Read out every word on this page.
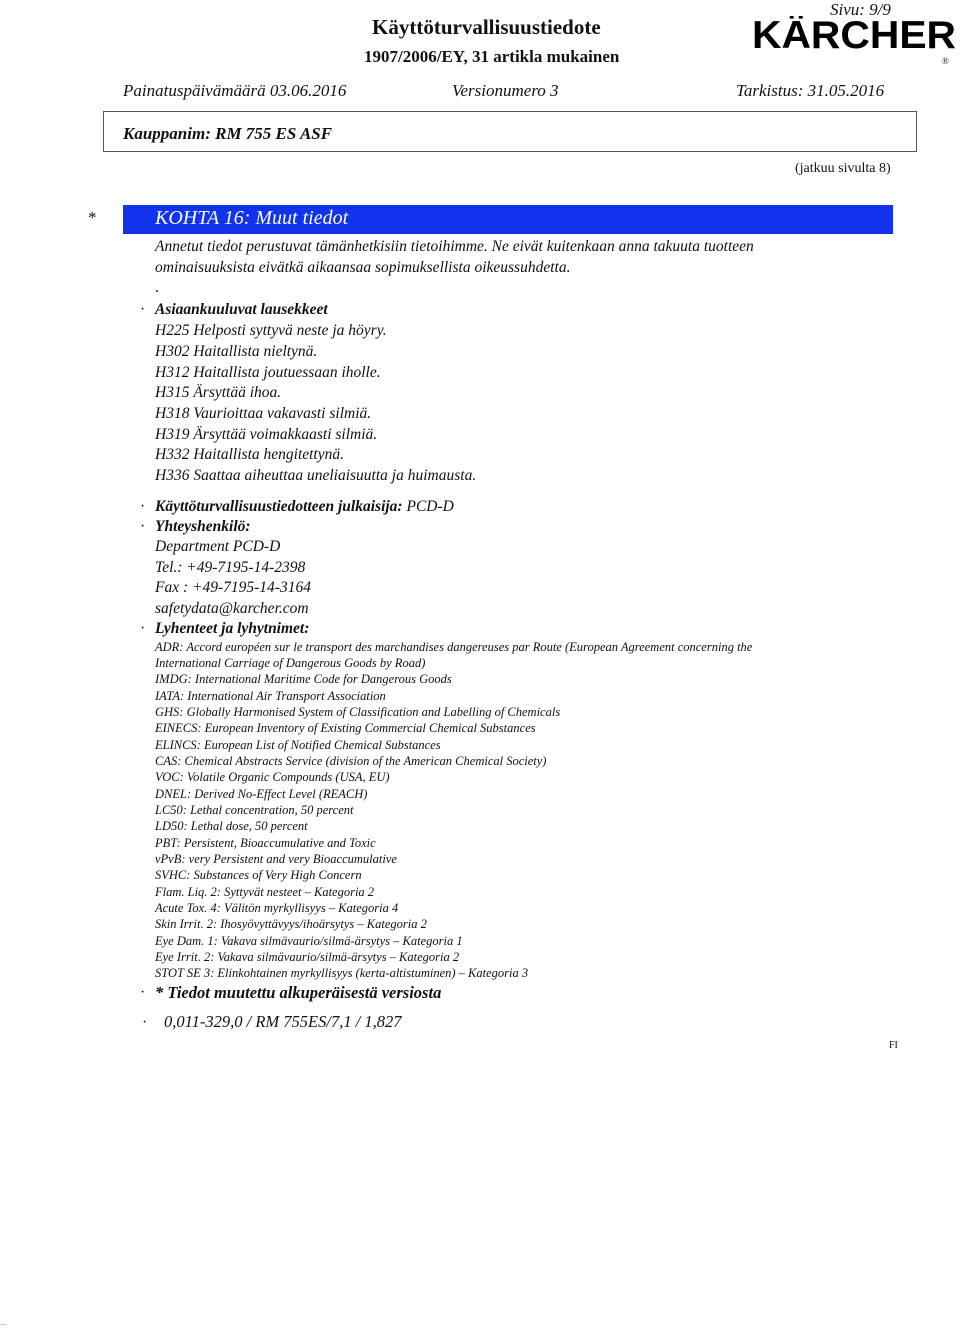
Käyttöturvallisuustiedote
1907/2006/EY, 31 artikla mukainen
Sivu: 9/9
KÄRCHER
®
Painatuspäivämäärä 03.06.2016	Versionumero 3	Tarkistus: 31.05.2016
Kauppanim: RM 755 ES ASF
(jatkuu sivulta 8)
*	KOHTA 16: Muut tiedot
Annetut tiedot perustuvat tämänhetkisiin tietoihimme. Ne eivät kuitenkaan anna takuuta tuotteen
ominaisuuksista eivätkä aikaansaa sopimuksellista oikeussuhdetta.
.
· Asiaankuuluvat lausekkeet
H225 Helposti syttyvä neste ja höyry.
H302 Haitallista nieltynä.
H312 Haitallista joutuessaan iholle.
H315 Ärsyttää ihoa.
H318 Vaurioittaa vakavasti silmiä.
H319 Ärsyttää voimakkaasti silmiä.
H332 Haitallista hengitettynä.
H336 Saattaa aiheuttaa uneliaisuutta ja huimausta.
· Käyttöturvallisuustiedotteen julkaisija: PCD-D
· Yhteyshenkilö:
Department PCD-D
Tel.: +49-7195-14-2398
Fax : +49-7195-14-3164
safetydata@karcher.com
· Lyhenteet ja lyhytnimet:
ADR: Accord européen sur le transport des marchandises dangereuses par Route (European Agreement concerning the
International Carriage of Dangerous Goods by Road)
IMDG: International Maritime Code for Dangerous Goods
IATA: International Air Transport Association
GHS: Globally Harmonised System of Classification and Labelling of Chemicals
EINECS: European Inventory of Existing Commercial Chemical Substances
ELINCS: European List of Notified Chemical Substances
CAS: Chemical Abstracts Service (division of the American Chemical Society)
VOC: Volatile Organic Compounds (USA, EU)
DNEL: Derived No-Effect Level (REACH)
LC50: Lethal concentration, 50 percent
LD50: Lethal dose, 50 percent
PBT: Persistent, Bioaccumulative and Toxic
vPvB: very Persistent and very Bioaccumulative
SVHC: Substances of Very High Concern
Flam. Liq. 2: Syttyvät nesteet – Kategoria 2
Acute Tox. 4: Välitön myrkyllisyys – Kategoria 4
Skin Irrit. 2: Ihosyövyttävyys/ihoärsytys – Kategoria 2
Eye Dam. 1: Vakava silmävaurio/silmä-ärsytys – Kategoria 1
Eye Irrit. 2: Vakava silmävaurio/silmä-ärsytys – Kategoria 2
STOT SE 3: Elinkohtainen myrkyllisyys (kerta-altistuminen) – Kategoria 3
· * Tiedot muutettu alkuperäisestä versiosta
· 0,011-329,0 / RM 755ES/7,1 / 1,827
FI
...
